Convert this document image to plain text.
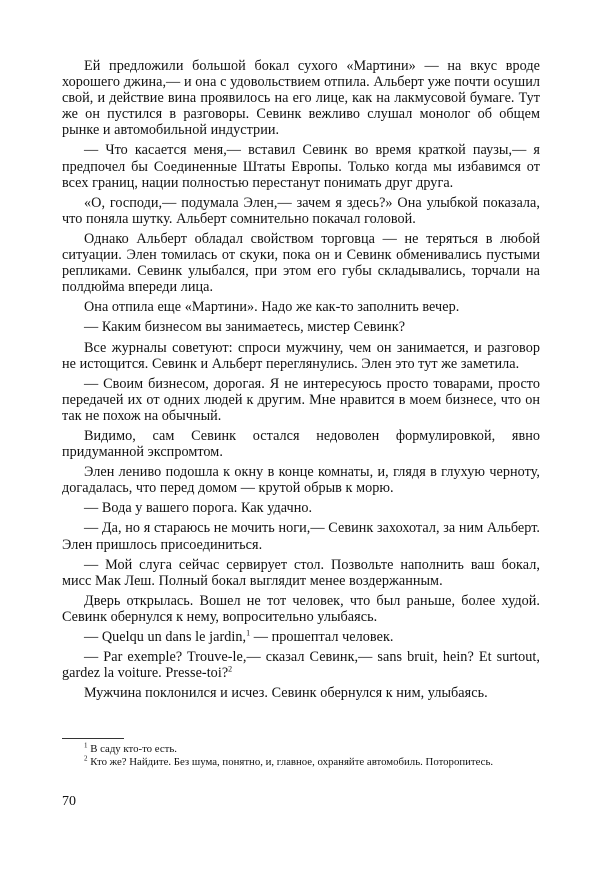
Ей предложили большой бокал сухого «Мартини» — на вкус вроде хорошего джина,— и она с удовольствием отпила. Альберт уже почти осушил свой, и действие вина проявилось на его лице, как на лакмусовой бумаге. Тут же он пустился в разговоры. Севинк вежливо слушал монолог об общем рынке и автомобильной индустрии.

— Что касается меня,— вставил Севинк во время краткой паузы,— я предпочел бы Соединенные Штаты Европы. Только когда мы избавимся от всех границ, нации полностью перестанут понимать друг друга.

«О, господи,— подумала Элен,— зачем я здесь?» Она улыбкой показала, что поняла шутку. Альберт сомнительно покачал головой.

Однако Альберт обладал свойством торговца — не теряться в любой ситуации. Элен томилась от скуки, пока он и Севинк обменивались пустыми репликами. Севинк улыбался, при этом его губы складывались, торчали на полдюйма впереди лица.

Она отпила еще «Мартини». Надо же как-то заполнить вечер.

— Каким бизнесом вы занимаетесь, мистер Севинк?

Все журналы советуют: спроси мужчину, чем он занимается, и разговор не истощится. Севинк и Альберт переглянулись. Элен это тут же заметила.

— Своим бизнесом, дорогая. Я не интересуюсь просто товарами, просто передачей их от одних людей к другим. Мне нравится в моем бизнесе, что он так не похож на обычный.

Видимо, сам Севинк остался недоволен формулировкой, явно придуманной экспромтом.

Элен лениво подошла к окну в конце комнаты, и, глядя в глухую черноту, догадалась, что перед домом — крутой обрыв к морю.

— Вода у вашего порога. Как удачно.

— Да, но я стараюсь не мочить ноги,— Севинк захохотал, за ним Альберт. Элен пришлось присоединиться.

— Мой слуга сейчас сервирует стол. Позвольте наполнить ваш бокал, мисс Мак Леш. Полный бокал выглядит менее воздержанным.

Дверь открылась. Вошел не тот человек, что был раньше, более худой. Севинк обернулся к нему, вопросительно улыбаясь.

— Quelqu un dans le jardin,$^1$ — прошептал человек.

— Par exemple? Trouve-le,— сказал Севинк,— sans bruit, hein? Et surtout, gardez la voiture. Presse-toi?$^2$

Мужчина поклонился и исчез. Севинк обернулся к ним, улыбаясь.

$^1$ В саду кто-то есть.

$^2$ Кто же? Найдите. Без шума, понятно, и, главное, охраняйте автомобиль. Поторопитесь.

70
